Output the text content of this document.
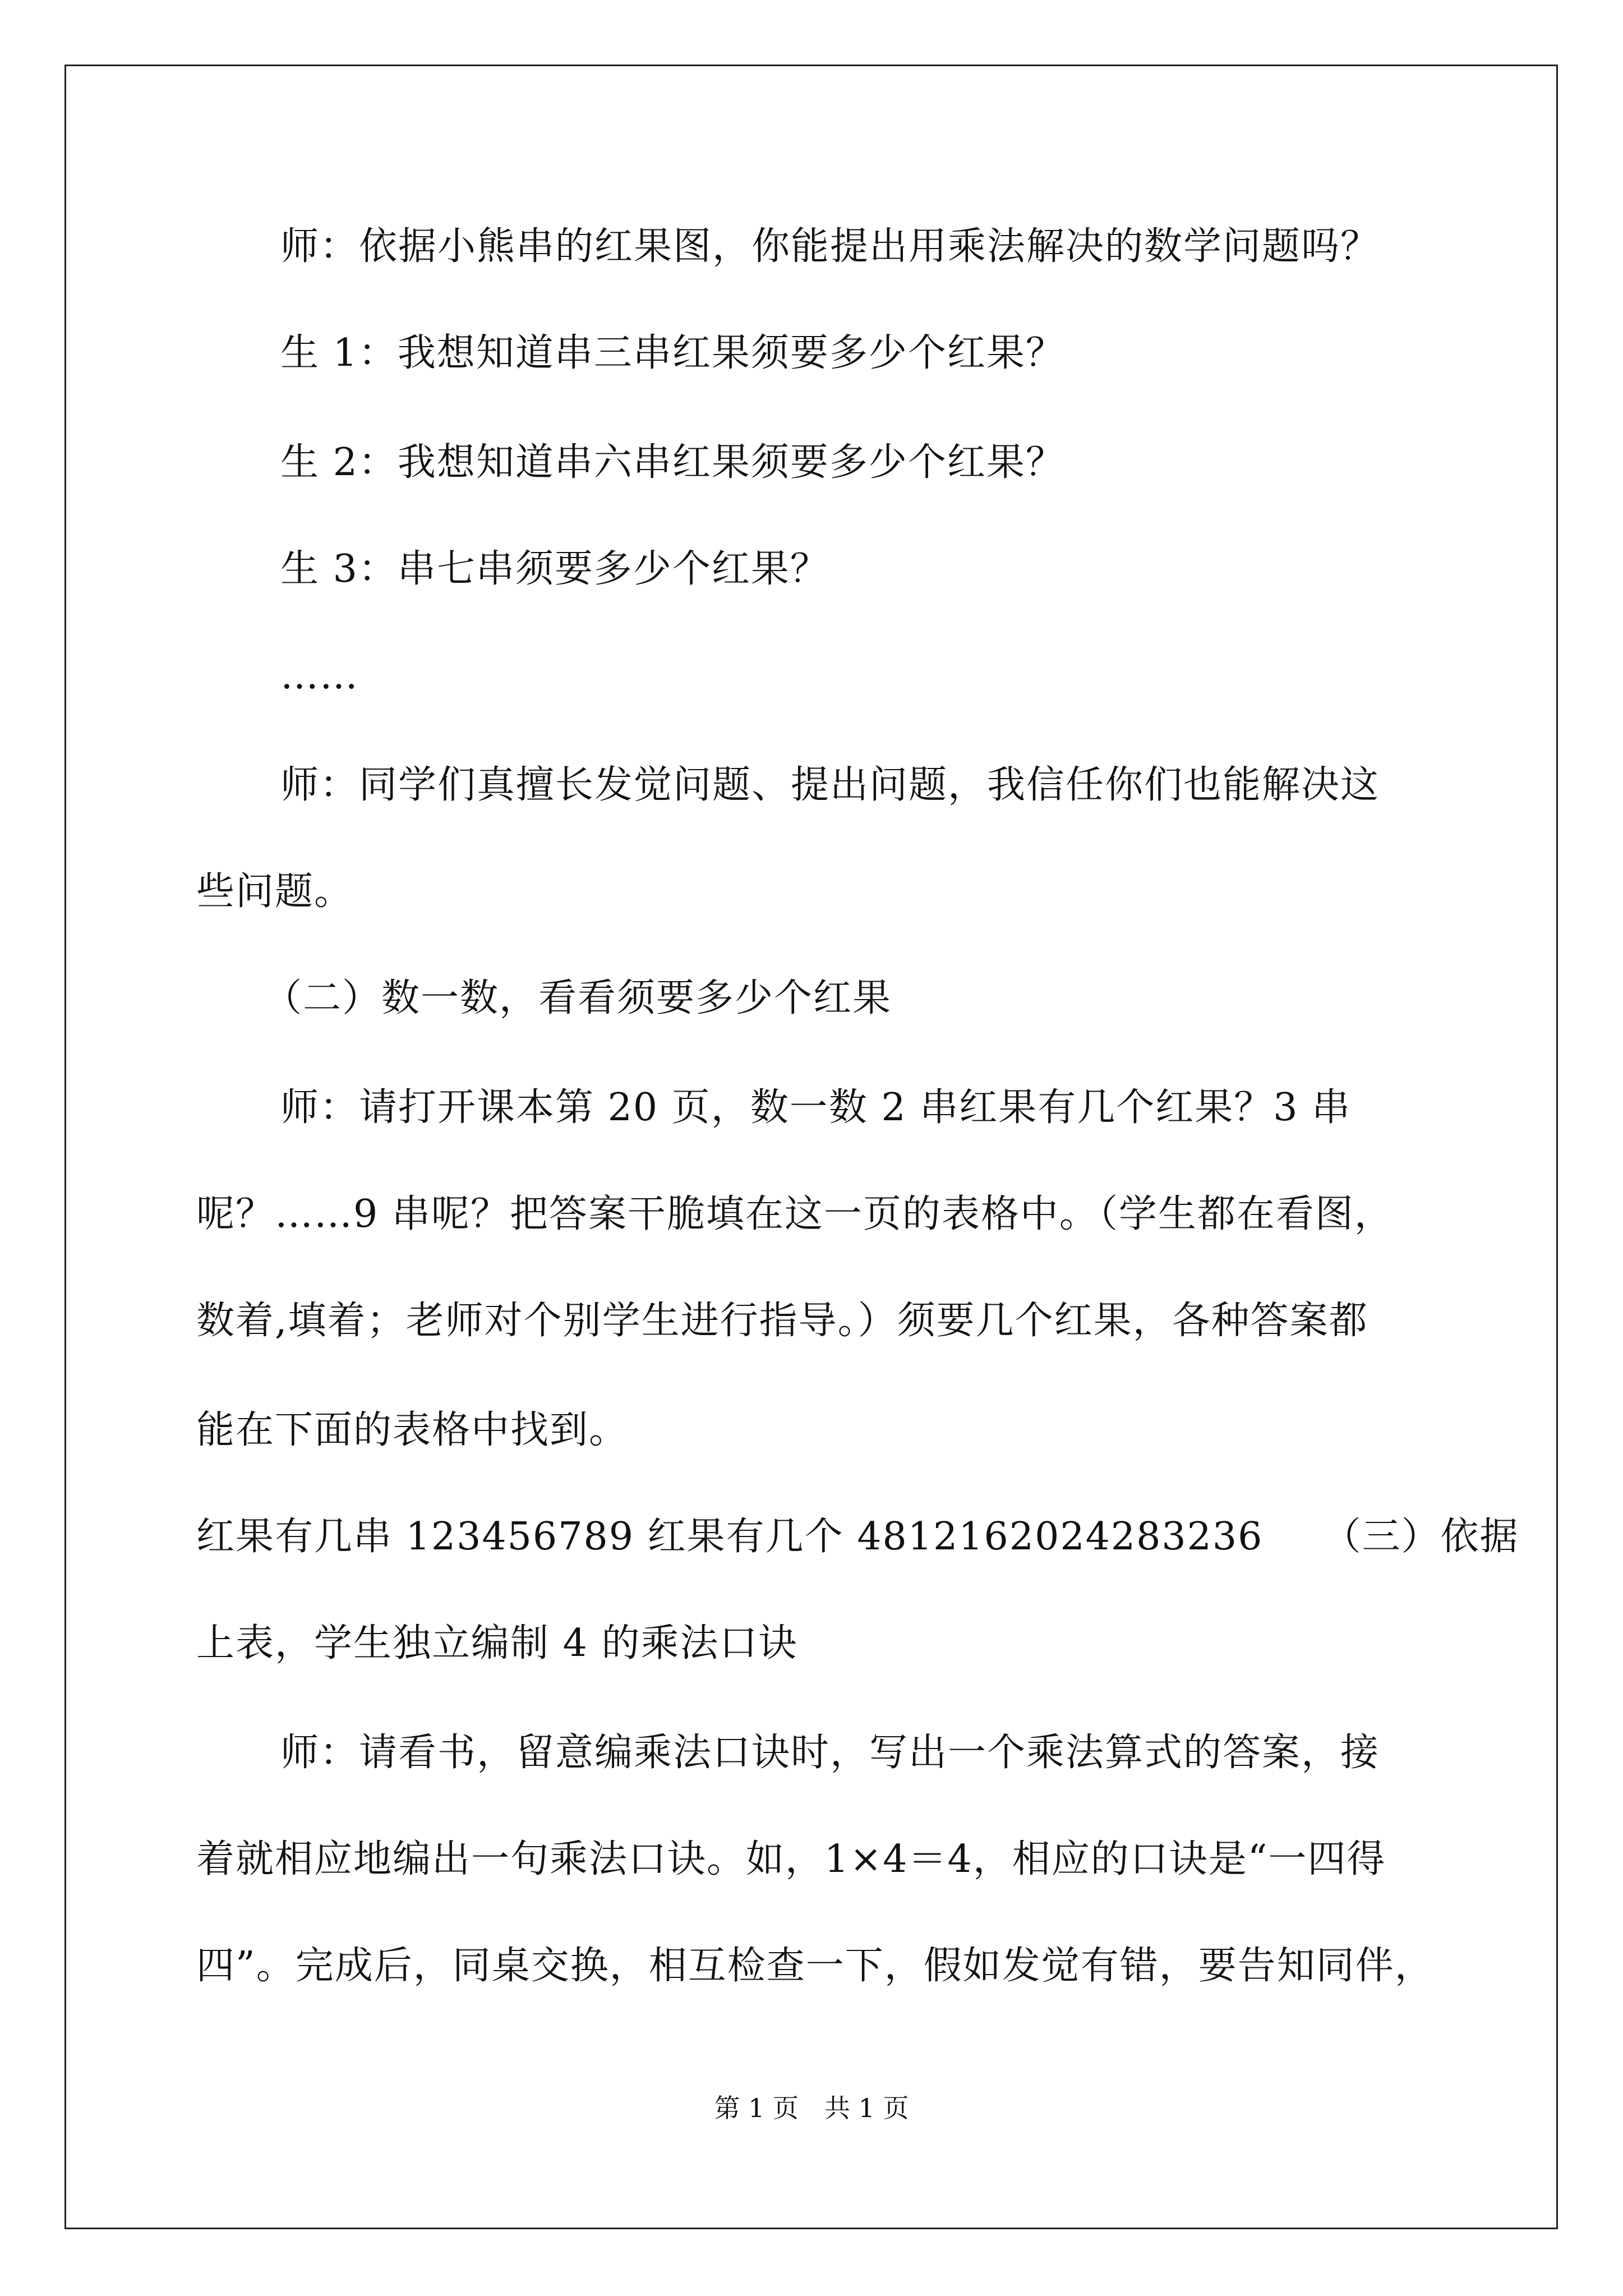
师：依据小熊串的红果图，你能提出用乘法解决的数学问题吗？
生 1：我想知道串三串红果须要多少个红果？
生 2：我想知道串六串红果须要多少个红果？
生 3：串七串须要多少个红果？
……
师：同学们真擅长发觉问题、提出问题，我信任你们也能解决这
些问题。
（二）数一数，看看须要多少个红果
师：请打开课本第 20 页，数一数 2 串红果有几个红果？3 串
呢？……9 串呢？把答案干脆填在这一页的表格中。（学生都在看图，
数着,填着；老师对个别学生进行指导。）须要几个红果，各种答案都
能在下面的表格中找到。
红果有几串 123456789 红果有几个 4812162024283236　　（三）依据
上表，学生独立编制 4 的乘法口诀
师：请看书，留意编乘法口诀时，写出一个乘法算式的答案，接
着就相应地编出一句乘法口诀。如，1×4＝4，相应的口诀是“一四得
四”。完成后，同桌交换，相互检查一下，假如发觉有错，要告知同伴，
第 1 页　共 1 页
